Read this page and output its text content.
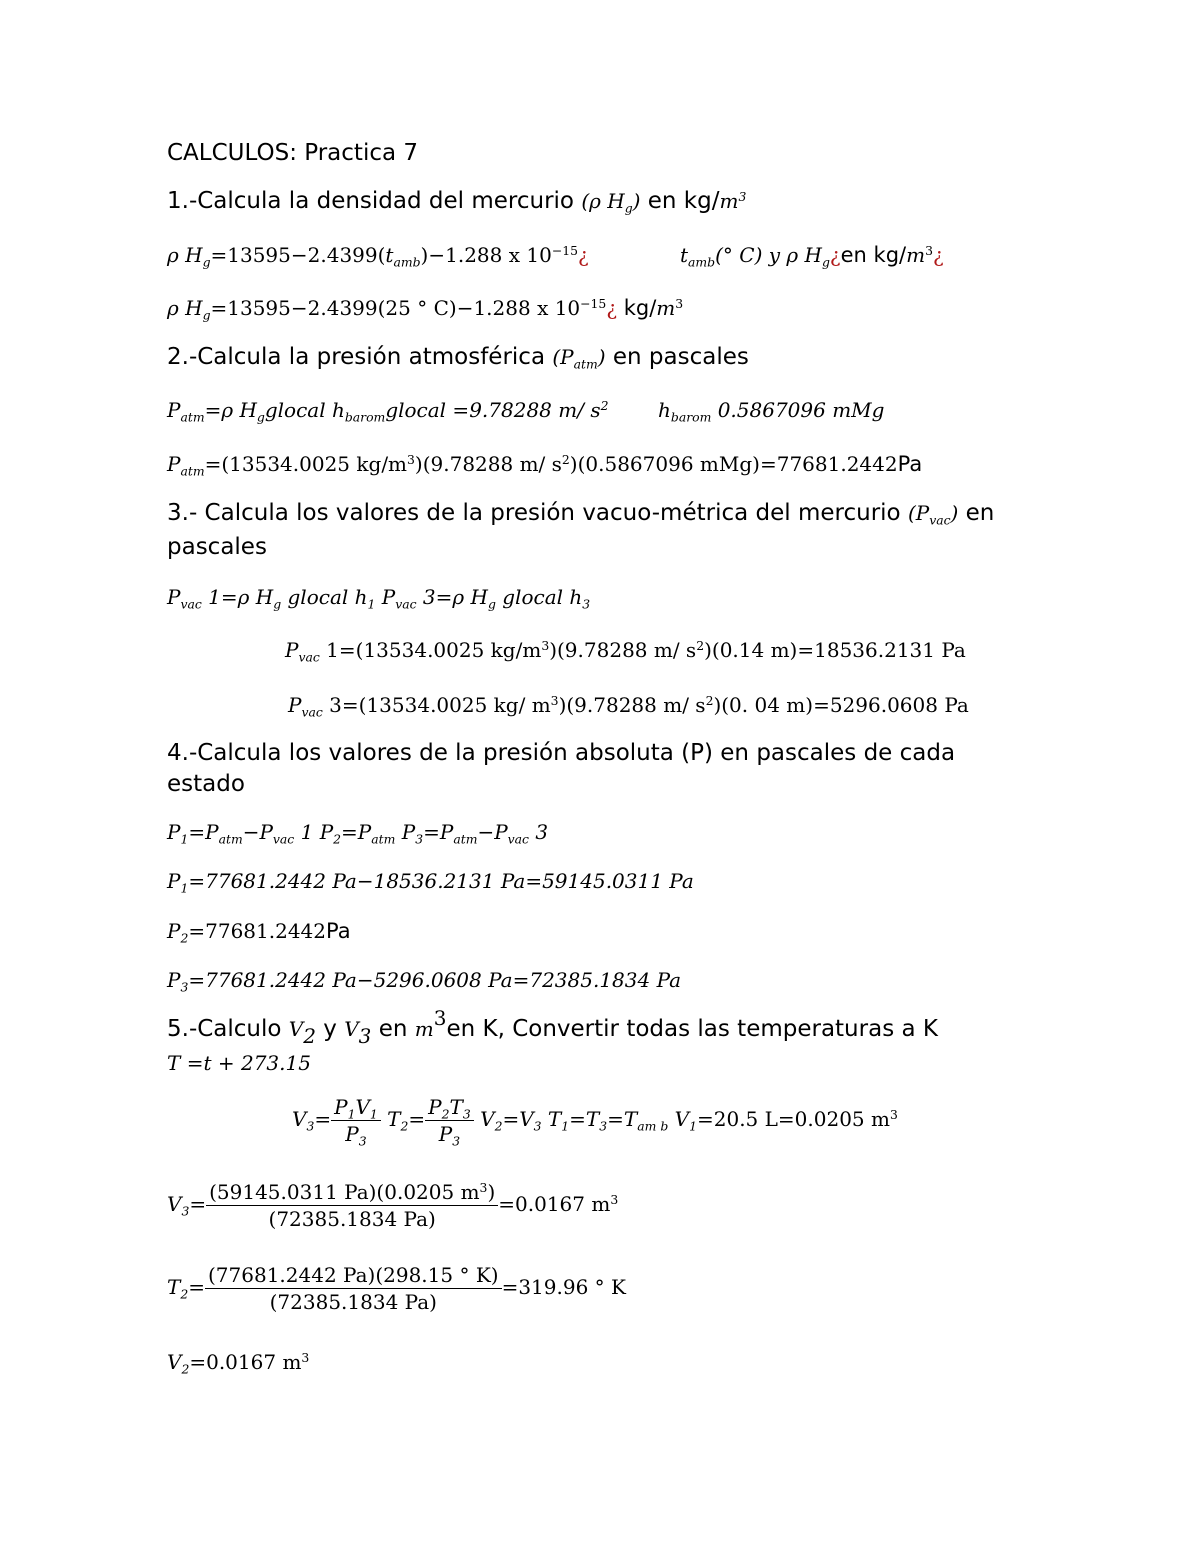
CALCULOS: Practica 7
1.-Calcula la densidad del mercurio (ρ $H_g$) en $kg/m^3$
ρ $H_g=13595-2.4399(t_{amb})-1.288$ x $10^{-15}¿$	$t_{amb}(^\circ$ C) y ρ $H_g¿en$ $kg/m^3¿$
ρ $H_g=13595-2.4399(25$ ° C)−1.288 x $10^{-15}¿$ $kg/m^3$
2.-Calcula la presión atmosférica $(P_{atm})$ en pascales
$P_{atm}=\rho$ $H_gglocal$ $h_{barom}glocal =9.78288$ m/ $s^2$ $h_{barom}$ 0.5867096 mMg
$P_{atm}=(13534.0025$ $kg/m^3)(9.78288$ m/ $s^2)(0.5867096$ mMg)=77681.2442Pa
3.- Calcula los valores de la presión vacuo-métrica del mercurio $(P_{vac})$ en
pascales
$P_{vac}$ 1=ρ $H_g$ glocal $h_1$ $P_{vac}$ 3=ρ $H_g$ glocal $h_3$
$P_{vac}$ 1=(13534.0025 $kg/m^3)(9.78288$ m/ $s^2)(0.14$ m)=18536.2131 Pa
$P_{vac}$ 3=(13534.0025 kg/ $m^3)(9.78288$ m/ $s^2)(0$. 04 m)=5296.0608 Pa
4.-Calcula los valores de la presión absoluta (P) en pascales de cada
estado
$P_1=P_{atm}-P_{vac}$ 1 $P_2=P_{atm}$ $P_3=P_{atm}-P_{vac}$ 3
$P_1=77681.2442$ Pa−18536.2131 Pa=59145.0311 Pa
$P_2=77681.2442Pa$
$P_3=77681.2442$ Pa−5296.0608 Pa=72385.1834 Pa
5.-Calculo $V_2$ y $V_3$ en $m^3en$ K, Convertir todas las temperaturas a K
T =t + 273.15
$V_3= \frac{P_1V_1}{P_3} T_2= \frac{P_2T_3}{P_3} V_2=V_3$ $T_1=T_3=T_{am b}$ $V_1=20.5$ L=0.0205 $m^3$
$V_3= \frac{(59145.0311 Pa)(0.0205 m^3)}{(72385.1834 Pa)} =0.0167$ $m^3$
$T_2= \frac{(77681.2442 Pa)(298.15 ^\circ K)}{(72385.1834 Pa)} =319.96$ ° K
$V_2=0.0167$ $m^3$
